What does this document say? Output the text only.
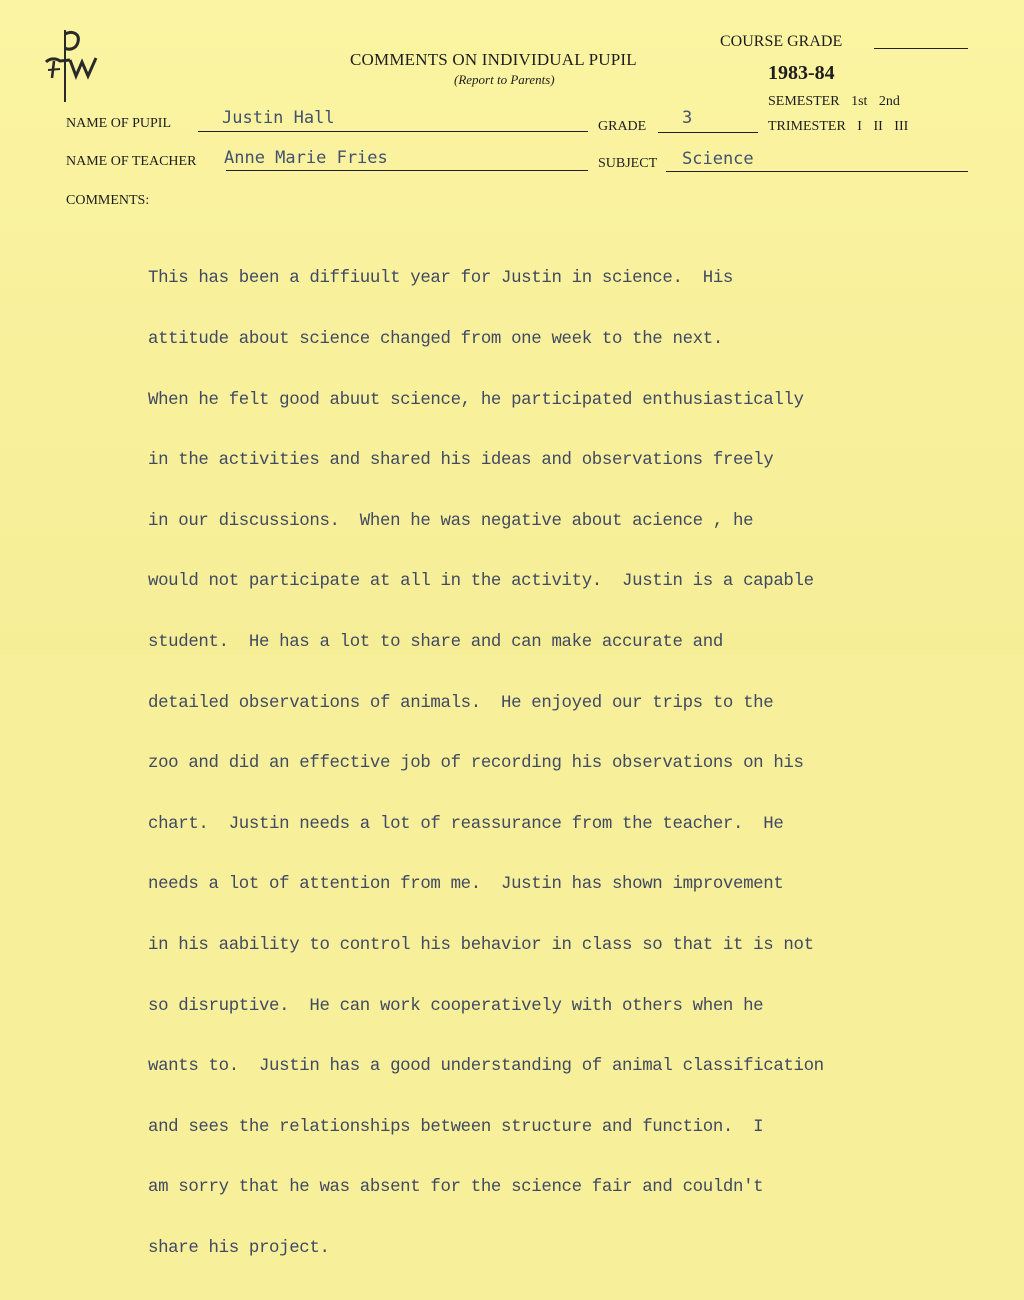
COMMENTS ON INDIVIDUAL PUPIL
(Report to Parents)
COURSE GRADE
1983-84
SEMESTER 1st 2nd
TRIMESTER I II III
NAME OF PUPIL	Justin Hall	GRADE 3
NAME OF TEACHER Anne Marie Fries	SUBJECT Science
COMMENTS:

This has been a diffiuult year for Justin in science.  His

attitude about science changed from one week to the next.

When he felt good abuut science, he participated enthusiastically

in the activities and shared his ideas and observations freely

in our discussions.  When he was negative about acience , he

would not participate at all in the activity.  Justin is a capable

student.  He has a lot to share and can make accurate and

detailed observations of animals.  He enjoyed our trips to the

zoo and did an effective job of recording his observations on his

chart.  Justin needs a lot of reassurance from the teacher.  He

needs a lot of attention from me.  Justin has shown improvement

in his aability to control his behavior in class so that it is not

so disruptive.  He can work cooperatively with others when he

wants to.  Justin has a good understanding of animal classification

and sees the relationships between structure and function.  I

am sorry that he was absent for the science fair and couldn't

share his project.
